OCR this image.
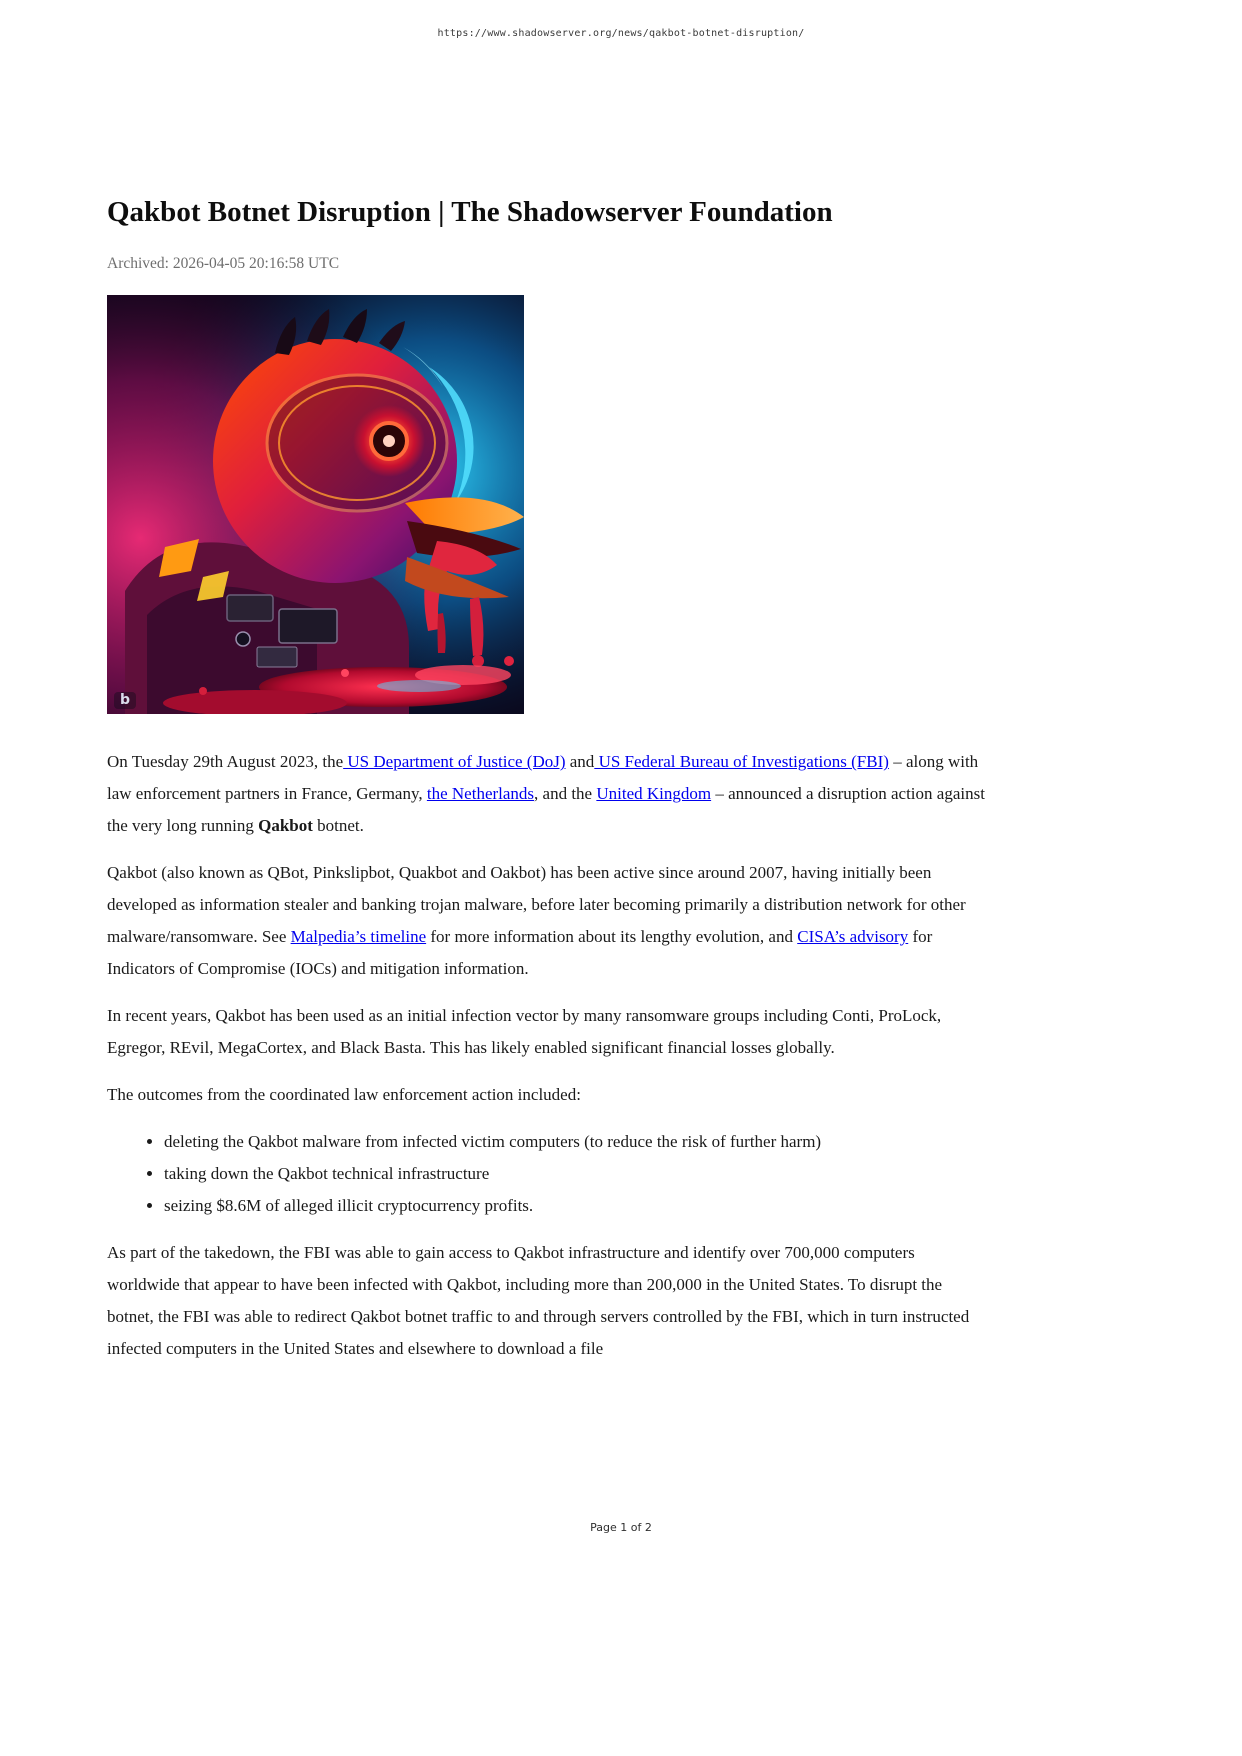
https://www.shadowserver.org/news/qakbot-botnet-disruption/
Qakbot Botnet Disruption | The Shadowserver Foundation
Archived: 2026-04-05 20:16:58 UTC
b

On Tuesday 29th August 2023, the US Department of Justice (DoJ) and US Federal Bureau of Investigations (FBI) – along with law enforcement partners in France, Germany, the Netherlands, and the United Kingdom – announced a disruption action against the very long running Qakbot botnet.

Qakbot (also known as QBot, Pinkslipbot, Quakbot and Oakbot) has been active since around 2007, having initially been developed as information stealer and banking trojan malware, before later becoming primarily a distribution network for other malware/ransomware. See Malpedia’s timeline for more information about its lengthy evolution, and CISA’s advisory for Indicators of Compromise (IOCs) and mitigation information.

In recent years, Qakbot has been used as an initial infection vector by many ransomware groups including Conti, ProLock, Egregor, REvil, MegaCortex, and Black Basta. This has likely enabled significant financial losses globally.

The outcomes from the coordinated law enforcement action included:

• deleting the Qakbot malware from infected victim computers (to reduce the risk of further harm)
• taking down the Qakbot technical infrastructure
• seizing $8.6M of alleged illicit cryptocurrency profits.

As part of the takedown, the FBI was able to gain access to Qakbot infrastructure and identify over 700,000 computers worldwide that appear to have been infected with Qakbot, including more than 200,000 in the United States. To disrupt the botnet, the FBI was able to redirect Qakbot botnet traffic to and through servers controlled by the FBI, which in turn instructed infected computers in the United States and elsewhere to download a file

Page 1 of 2
